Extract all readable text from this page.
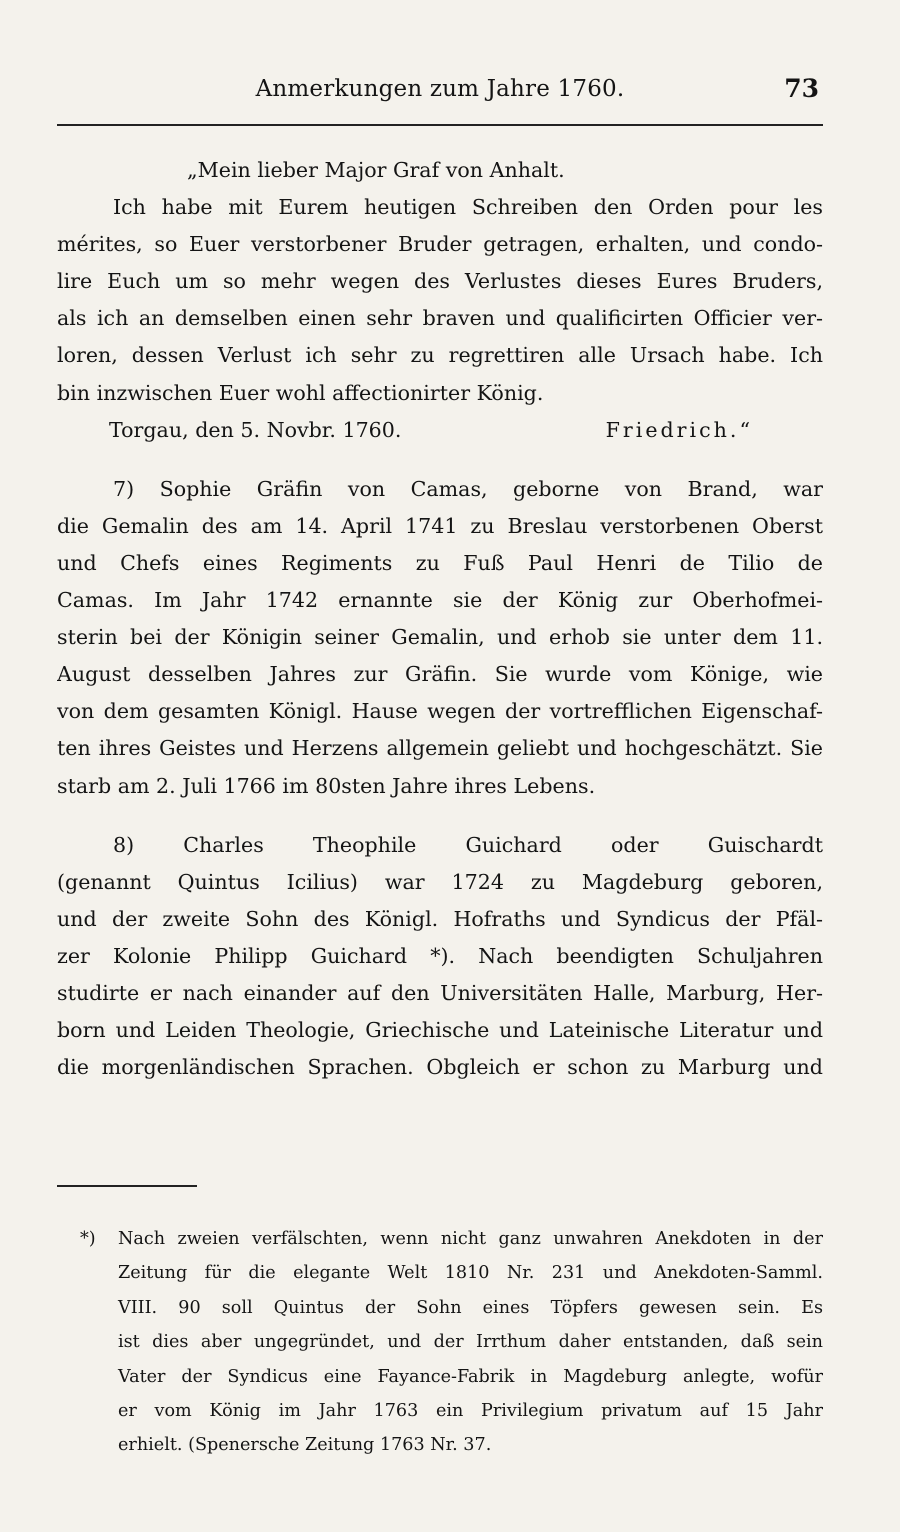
Anmerkungen zum Jahre 1760.	73
„Mein lieber Major Graf von Anhalt.
Ich habe mit Eurem heutigen Schreiben den Orden pour les
mérites, so Euer verstorbener Bruder getragen, erhalten, und condo-
lire Euch um so mehr wegen des Verlustes dieses Eures Bruders,
als ich an demselben einen sehr braven und qualificirten Officier ver-
loren, dessen Verlust ich sehr zu regrettiren alle Ursach habe. Ich
bin inzwischen Euer wohl affectionirter König.
Torgau, den 5. Novbr. 1760.	Friedrich.“
7) Sophie Gräfin von Camas, geborne von Brand, war
die Gemalin des am 14. April 1741 zu Breslau verstorbenen Oberst
und Chefs eines Regiments zu Fuß Paul Henri de Tilio de
Camas. Im Jahr 1742 ernannte sie der König zur Oberhofmei-
sterin bei der Königin seiner Gemalin, und erhob sie unter dem 11.
August desselben Jahres zur Gräfin. Sie wurde vom Könige, wie
von dem gesamten Königl. Hause wegen der vortrefflichen Eigenschaf-
ten ihres Geistes und Herzens allgemein geliebt und hochgeschätzt. Sie
starb am 2. Juli 1766 im 80sten Jahre ihres Lebens.
8) Charles Theophile Guichard oder Guischardt
(genannt Quintus Icilius) war 1724 zu Magdeburg geboren,
und der zweite Sohn des Königl. Hofraths und Syndicus der Pfäl-
zer Kolonie Philipp Guichard *). Nach beendigten Schuljahren
studirte er nach einander auf den Universitäten Halle, Marburg, Her-
born und Leiden Theologie, Griechische und Lateinische Literatur und
die morgenländischen Sprachen. Obgleich er schon zu Marburg und
*) Nach zweien verfälschten, wenn nicht ganz unwahren Anekdoten in der
Zeitung für die elegante Welt 1810 Nr. 231 und Anekdoten-Samml.
VIII. 90 soll Quintus der Sohn eines Töpfers gewesen sein. Es
ist dies aber ungegründet, und der Irrthum daher entstanden, daß sein
Vater der Syndicus eine Fayance-Fabrik in Magdeburg anlegte, wofür
er vom König im Jahr 1763 ein Privilegium privatum auf 15 Jahr
erhielt. (Spenersche Zeitung 1763 Nr. 37.
